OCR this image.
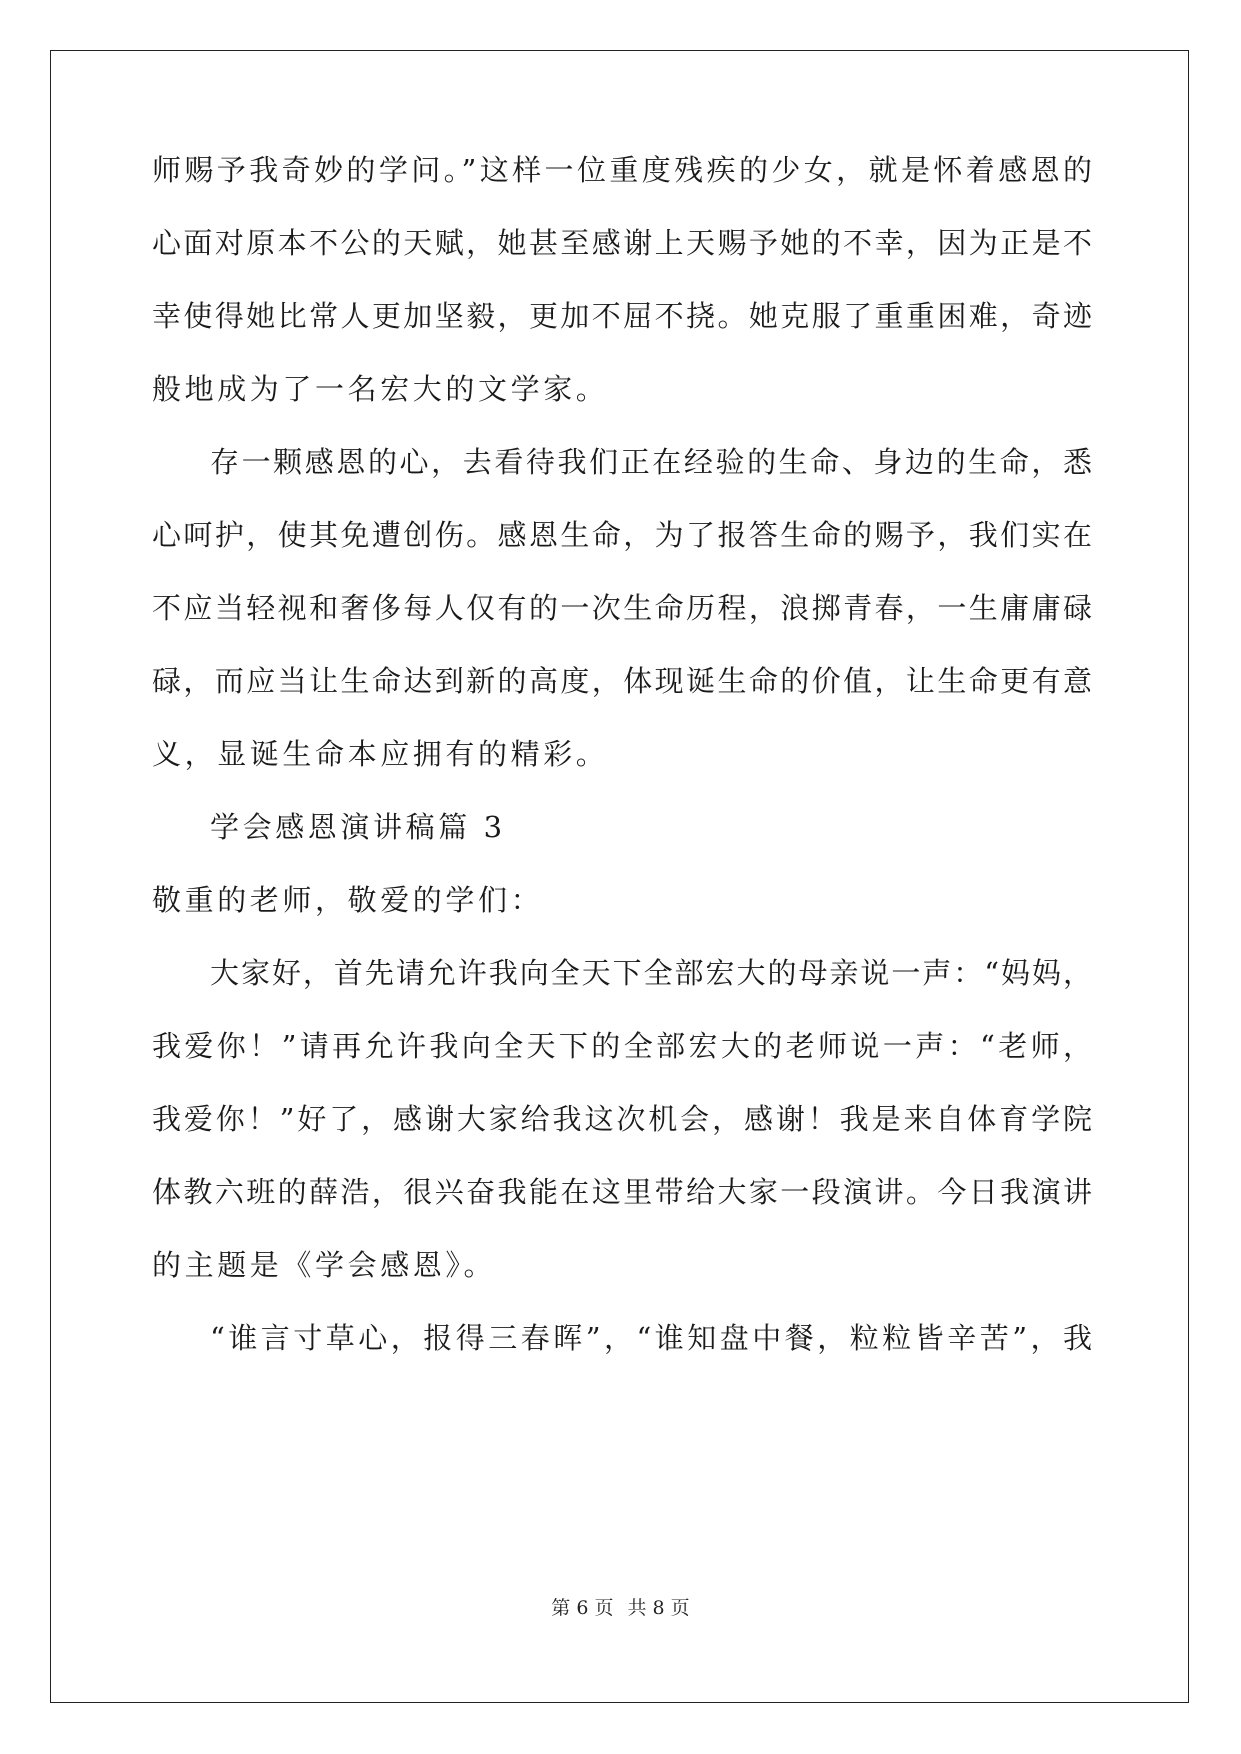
师赐予我奇妙的学问。”这样一位重度残疾的少女，就是怀着感恩的
心面对原本不公的天赋，她甚至感谢上天赐予她的不幸，因为正是不
幸使得她比常人更加坚毅，更加不屈不挠。她克服了重重困难，奇迹
般地成为了一名宏大的文学家。
存一颗感恩的心，去看待我们正在经验的生命、身边的生命，悉
心呵护，使其免遭创伤。感恩生命，为了报答生命的赐予，我们实在
不应当轻视和奢侈每人仅有的一次生命历程，浪掷青春，一生庸庸碌
碌，而应当让生命达到新的高度，体现诞生命的价值，让生命更有意
义，显诞生命本应拥有的精彩。
学会感恩演讲稿篇 3
敬重的老师，敬爱的学们：
大家好，首先请允许我向全天下全部宏大的母亲说一声：“妈妈，
我爱你！”请再允许我向全天下的全部宏大的老师说一声：“老师，
我爱你！”好了，感谢大家给我这次机会，感谢！我是来自体育学院
体教六班的薛浩，很兴奋我能在这里带给大家一段演讲。今日我演讲
的主题是《学会感恩》。
“谁言寸草心，报得三春晖”，“谁知盘中餐，粒粒皆辛苦”，我
第 6 页 共 8 页
